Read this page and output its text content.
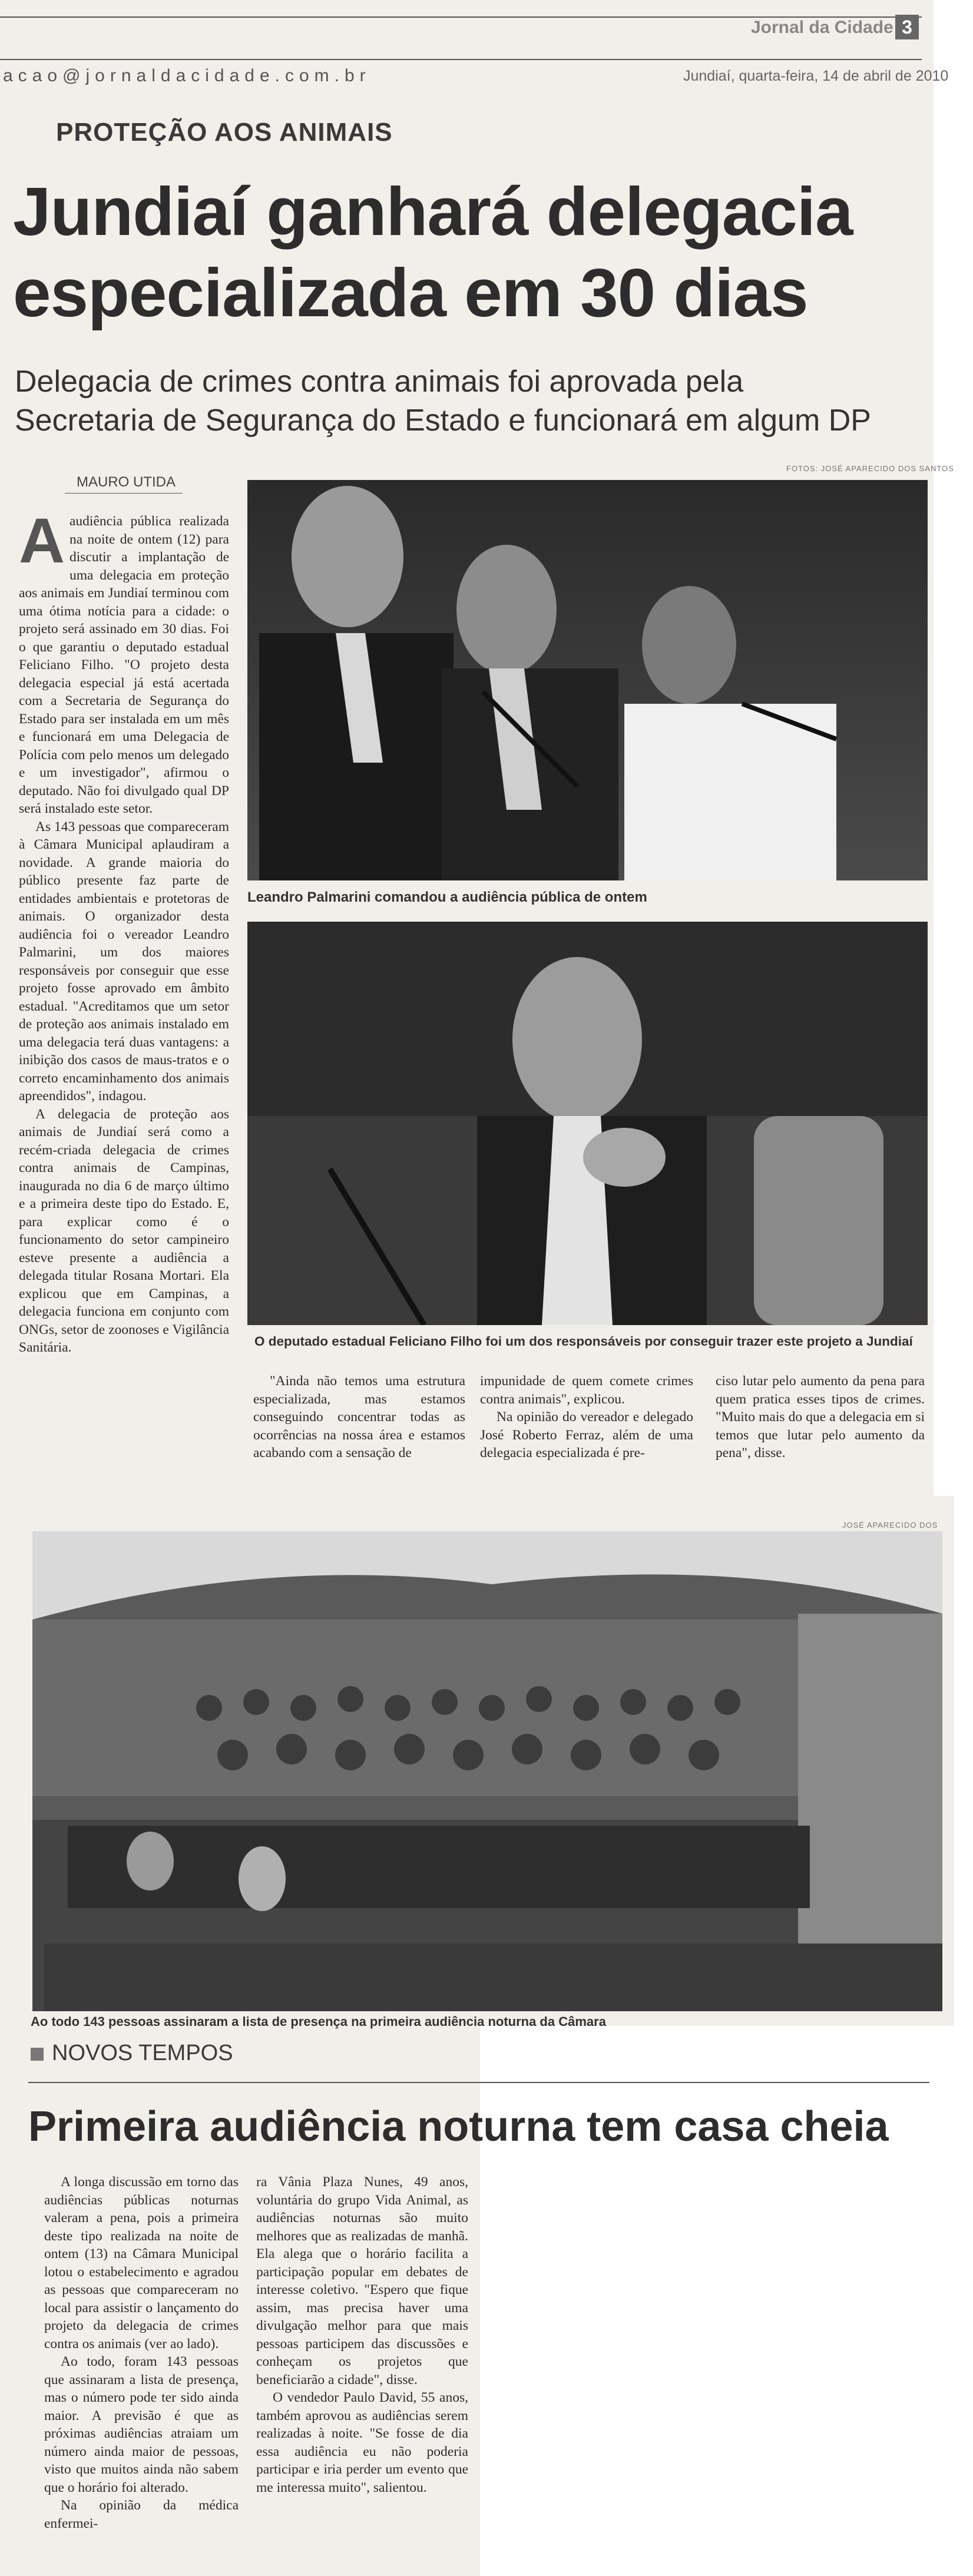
Jornal da Cidade 3
acao@jornaldacidade.com.br	Jundiaí, quarta-feira, 14 de abril de 2010
PROTEÇÃO AOS ANIMAIS
Jundiaí ganhará delegacia
especializada em 30 dias
Delegacia de crimes contra animais foi aprovada pela
Secretaria de Segurança do Estado e funcionará em algum DP
FOTOS: JOSÉ APARECIDO DOS SANTOS
MAURO UTIDA

Aaudiência pública realizada na noite de ontem (12) para discutir a implantação de uma delegacia em proteção aos animais em Jundiaí terminou com uma ótima notícia para a cidade: o projeto será assinado em 30 dias. Foi o que garantiu o deputado estadual Feliciano Filho. "O projeto desta delegacia especial já está acertada com a Secretaria de Segurança do Estado para ser instalada em um mês e funcionará em uma Delegacia de Polícia com pelo menos um delegado e um investigador", afirmou o deputado. Não foi divulgado qual DP será instalado este setor.

As 143 pessoas que compareceram à Câmara Municipal aplaudiram a novidade. A grande maioria do público presente faz parte de entidades ambientais e protetoras de animais. O organizador desta audiência foi o vereador Leandro Palmarini, um dos maiores responsáveis por conseguir que esse projeto fosse aprovado em âmbito estadual. "Acreditamos que um setor de proteção aos animais instalado em uma delegacia terá duas vantagens: a inibição dos casos de maus-tratos e o correto encaminhamento dos animais apreendidos", indagou.

A delegacia de proteção aos animais de Jundiaí será como a recém-criada delegacia de crimes contra animais de Campinas, inaugurada no dia 6 de março último e a primeira deste tipo do Estado. E, para explicar como é o funcionamento do setor campineiro esteve presente a audiência a delegada titular Rosana Mortari. Ela explicou que em Campinas, a delegacia funciona em conjunto com ONGs, setor de zoonoses e Vigilância Sanitária.

Leandro Palmarini comandou a audiência pública de ontem
O deputado estadual Feliciano Filho foi um dos responsáveis por conseguir trazer este projeto a Jundiaí

"Ainda não temos uma estrutura especializada, mas estamos conseguindo concentrar todas as ocorrências na nossa área e estamos acabando com a sensação de

impunidade de quem comete crimes contra animais", explicou.

Na opinião do vereador e delegado José Roberto Ferraz, além de uma delegacia especializada é pre-

ciso lutar pelo aumento da pena para quem pratica esses tipos de crimes. "Muito mais do que a delegacia em si temos que lutar pelo aumento da pena", disse.

JOSÉ APARECIDO DOS
Ao todo 143 pessoas assinaram a lista de presença na primeira audiência noturna da Câmara
NOVOS TEMPOS
Primeira audiência noturna tem casa cheia

A longa discussão em torno das audiências públicas noturnas valeram a pena, pois a primeira deste tipo realizada na noite de ontem (13) na Câmara Municipal lotou o estabelecimento e agradou as pessoas que compareceram no local para assistir o lançamento do projeto da delegacia de crimes contra os animais (ver ao lado).

Ao todo, foram 143 pessoas que assinaram a lista de presença, mas o número pode ter sido ainda maior. A previsão é que as próximas audiências atraiam um número ainda maior de pessoas, visto que muitos ainda não sabem que o horário foi alterado.

Na opinião da médica enfermei-

ra Vânia Plaza Nunes, 49 anos, voluntária do grupo Vida Animal, as audiências noturnas são muito melhores que as realizadas de manhã. Ela alega que o horário facilita a participação popular em debates de interesse coletivo. "Espero que fique assim, mas precisa haver uma divulgação melhor para que mais pessoas participem das discussões e conheçam os projetos que beneficiarão a cidade", disse.

O vendedor Paulo David, 55 anos, também aprovou as audiências serem realizadas à noite. "Se fosse de dia essa audiência eu não poderia participar e iria perder um evento que me interessa muito", salientou.
